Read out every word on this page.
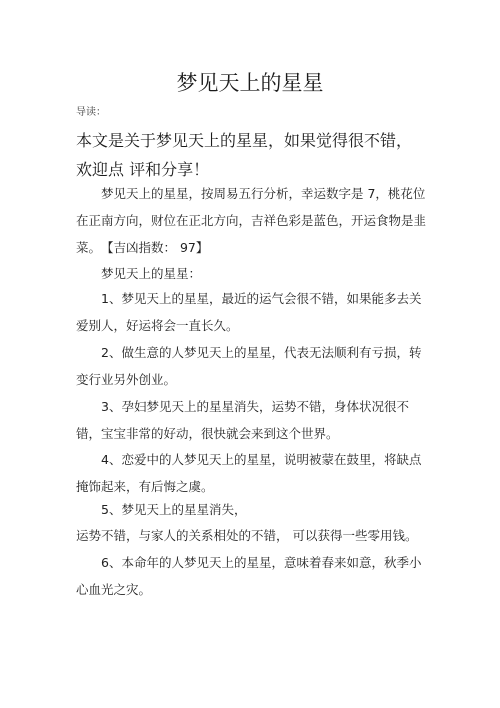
梦见天上的星星
导读：
本文是关于梦见天上的星星，如果觉得很不错，欢迎点 评和分享！
梦见天上的星星，按周易五行分析，幸运数字是 7，桃花位在正南方向，财位在正北方向，吉祥色彩是蓝色，开运食物是韭菜。 【吉凶指数： 97】
梦见天上的星星：
1、梦见天上的星星，最近的运气会很不错，如果能多去关爱别人，好运将会一直长久。
2、做生意的人梦见天上的星星，代表无法顺利有亏损，转变行业另外创业。
3、孕妇梦见天上的星星消失，运势不错，身体状况很不错，宝宝非常的好动，很快就会来到这个世界。
4、恋爱中的人梦见天上的星星，说明被蒙在鼓里，将缺点掩饰起来，有后悔之虞。
5、梦见天上的星星消失，
运势不错，与家人的关系相处的不错， 可以获得一些零用钱。
6、本命年的人梦见天上的星星，意味着春来如意，秋季小心血光之灾。
